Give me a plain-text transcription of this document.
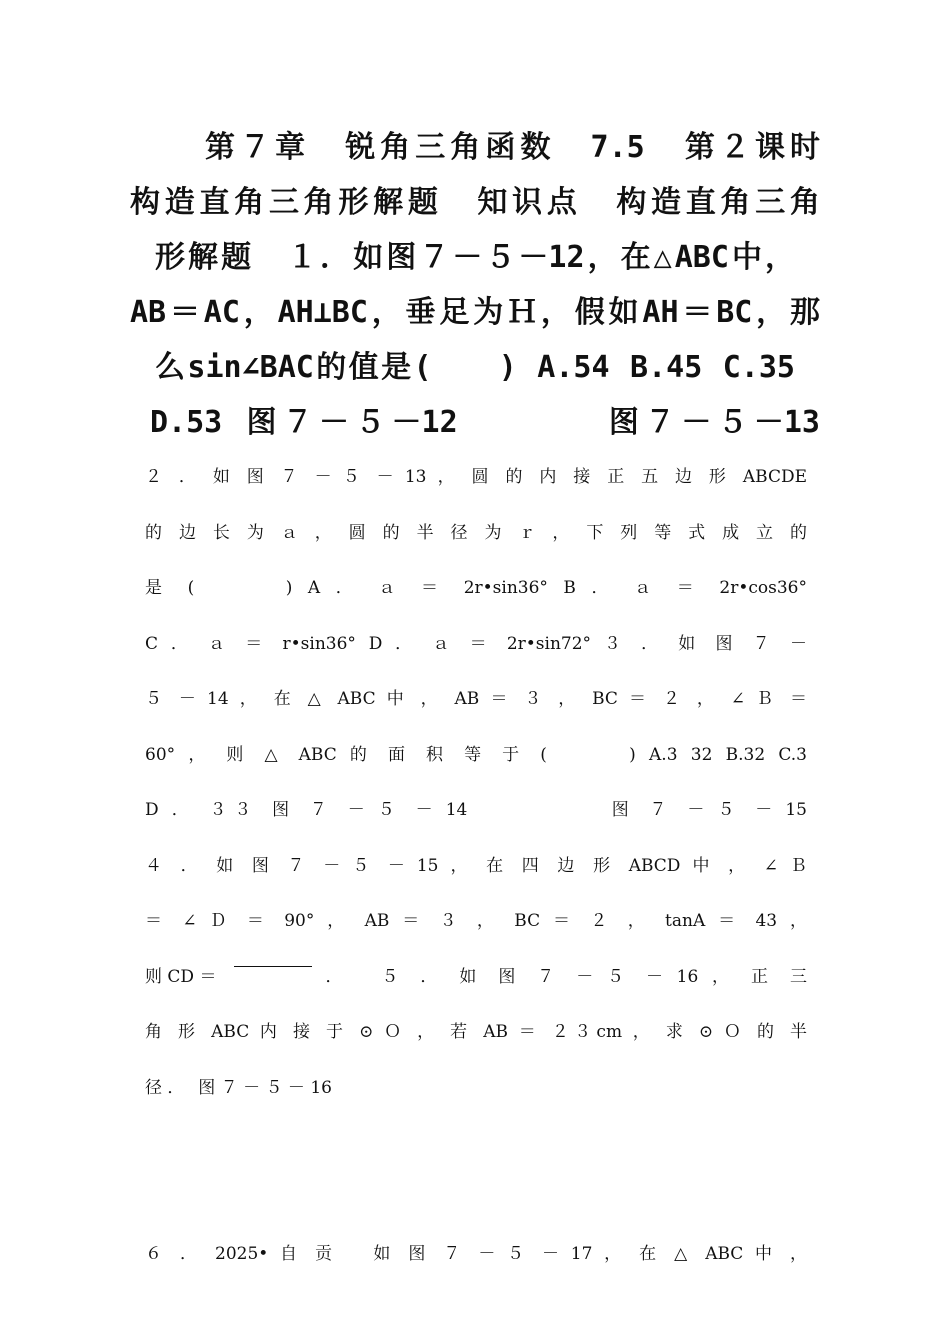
第７章　锐角三角函数　7.5　第２课时
构造直角三角形解题　知识点　构造直角三角
形解题　１．如图７－５－12，在△ABC中，
AB＝AC，AH⊥BC，垂足为Ｈ，假如AH＝BC，那
么sin∠BAC的值是(　　) A.54 B.45 C.35
D.53 图７－５－12　　　　图７－５－13
２ ． 如 图 ７ － ５ － 13 ， 圆 的 内 接 正 五 边 形 ABCDE
的 边 长 为 ａ ， 圆 的 半 径 为 ｒ ， 下 列 等 式 成 立 的
是 (　　　) A ． ａ ＝ 2r•sin36° B ． ａ ＝ 2r•cos36°
C ． ａ ＝ r•sin36° D ． ａ ＝ 2r•sin72° ３ ． 如 图 ７ －
５ － 14 ， 在 △ ABC 中 ， AB ＝ ３ ， BC ＝ ２ ， ∠ Ｂ ＝
60° ， 则 △ ABC 的 面 积 等 于 (　　　) A.3 32 B.32 C.3
D ． ３３ 图 ７ － ５ － 14　　　　　 图 ７ － ５ － 15
４ ． 如 图 ７ － ５ － 15 ， 在 四 边 形 ABCD 中 ， ∠ Ｂ
＝ ∠ Ｄ ＝ 90° ， AB ＝ ３ ， BC ＝ ２ ， tanA ＝ 43 ，
则 CD ＝	．　 ５ ． 如 图 ７ － ５ － 16 ， 正 三
角 形 ABC 内 接 于 ⊙ Ｏ ， 若 AB ＝ ２３cm ， 求 ⊙ Ｏ 的 半
径 ．　 图 ７ － ５ － 16
６ ． 2025• 自 贡　 如 图 ７ － ５ － 17 ， 在 △ ABC 中 ，
